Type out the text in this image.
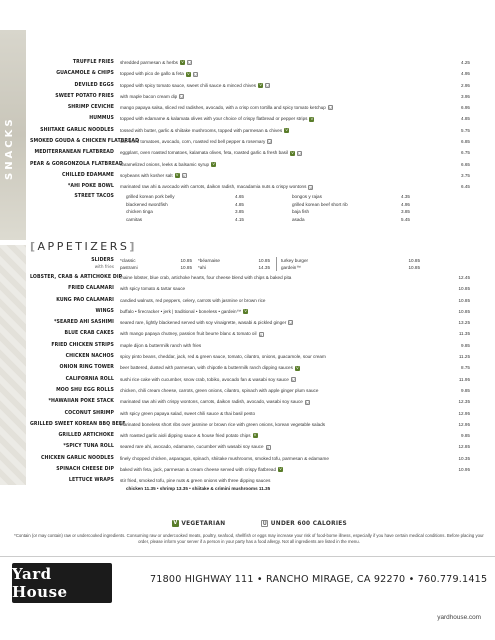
SNACKS
TRUFFLE FRIES	shredded parmesan & herbs V U	4.25
GUACAMOLE & CHIPS	topped with pico de gallo & feta V U	4.95
DEVILED EGGS	topped with spicy tomato sauce, sweet chili sauce & minced chives V U	2.95
SWEET POTATO FRIES	with maple bacon cream dip U	3.95
SHRIMP CEVICHE	mango papaya salsa, sliced red radishes, avocado, with a crisp corn tortilla and spicy tomato ketchup U	6.95
HUMMUS	topped with edamame & kalamata olives with your choice of crispy flatbread or pepper strips V	4.85
SHIITAKE GARLIC NOODLES	tossed with butter, garlic & shiitake mushrooms, topped with parmesan & chives V	5.75
SMOKED GOUDA & CHICKEN FLATBREAD
sun-dried tomatoes, avocado, corn, roasted red bell pepper & rosemary U	6.85
MEDITERRANEAN FLATBREAD	eggplant, oven roasted tomatoes, kalamata olives, feta, roasted garlic & fresh basil V U	6.75
PEAR & GORGONZOLA FLATBREAD
caramelized onions, leeks & balsamic syrup V	6.65
CHILLED EDAMAME	soybeans with kosher salt V U	3.75
*AHI POKE BOWL	marinated raw ahi & avocado with carrots, daikon radish, macadamia nuts & crispy wontons U	6.45
STREET TACOS	grilled korean pork belly	4.65	bongos y rajas	4.35
blackened swordfish	4.85	grilled korean beef short rib	4.95
chicken tinga	3.85	baja fish	3.85
carnitas	4.15	asada	5.45
[APPETIZERS]
SLIDERS
with fries
*classic	10.85
pastrami	10.85
*béarnaise	10.85
*ahi	14.35
turkey burger	10.85
gardein™	10.85
LOBSTER, CRAB & ARTICHOKE DIP
maine lobster, blue crab, artichoke hearts, four cheese blend with chips & baked pita	12.45
FRIED CALAMARI	with spicy tomato & tartar sauce	10.85
KUNG PAO CALAMARI	candied walnuts, red peppers, celery, carrots with jasmine or brown rice	10.85
WINGS	buffalo • firecracker • jerk | traditional • boneless • gardein™ V	10.85
*SEARED AHI SASHIMI	seared rare, lightly blackened served with soy vinaigrette, wasabi & pickled ginger U	13.25
BLUE CRAB CAKES	with mango papaya chutney, passion fruit beurre blanc & tomato oil U	11.35
FRIED CHICKEN STRIPS	maple dijon & buttermilk ranch with fries	9.85
CHICKEN NACHOS	spicy pinto beans, cheddar, jack, red & green sauce, tomato, cilantro, onions, guacamole, sour cream	11.25
ONION RING TOWER	beer battered, dusted with parmesan, with chipotle & buttermilk ranch dipping sauces V	8.75
CALIFORNIA ROLL	sushi rice cake with cucumber, snow crab, tobiko, avocado fan & wasabi soy sauce U	11.95
MOO SHU EGG ROLLS	chicken, chili cream cheese, carrots, green onions, cilantro, spinach with apple ginger plum sauce	9.85
*HAWAIIAN POKE STACK	marinated raw ahi with crispy wontons, carrots, daikon radish, avocado, wasabi soy sauce U	12.35
COCONUT SHRIMP	with spicy green papaya salad, sweet chili sauce & thai basil pesto	12.95
GRILLED SWEET KOREAN BBQ BEEF
marinated boneless short ribs over jasmine or brown rice with green onions, korean vegetable salads	12.95
GRILLED ARTICHOKE	with roasted garlic aioli dipping sauce & house fried potato chips V	9.85
*SPICY TUNA ROLL	seared rare ahi, avocado, edamame, cucumber with wasabi soy sauce U	12.85
CHICKEN GARLIC NOODLES	finely chopped chicken, asparagus, spinach, shiitake mushrooms, smoked tofu, parmesan & edamame	10.35
SPINACH CHEESE DIP	baked with feta, jack, parmesan & cream cheese served with crispy flatbread V	10.95
LETTUCE WRAPS	stir fried, smoked tofu, pine nuts & green onions with three dipping sauces
chicken 11.35 • shrimp 13.35 • shiitake & crimini mushrooms 11.35
V VEGETARIAN	U UNDER 600 CALORIES
*Contain (or may contain) raw or undercooked ingredients. Consuming raw or undercooked meats, poultry, seafood, shellfish or eggs may increase your risk of food-borne illness, especially if you have certain medical conditions. Before placing your order, please inform your server if a person in your party has a food allergy. Not all ingredients are listed in the menu.
Yard House
71800 HIGHWAY 111 • RANCHO MIRAGE, CA 92270 • 760.779.1415
yardhouse.com
